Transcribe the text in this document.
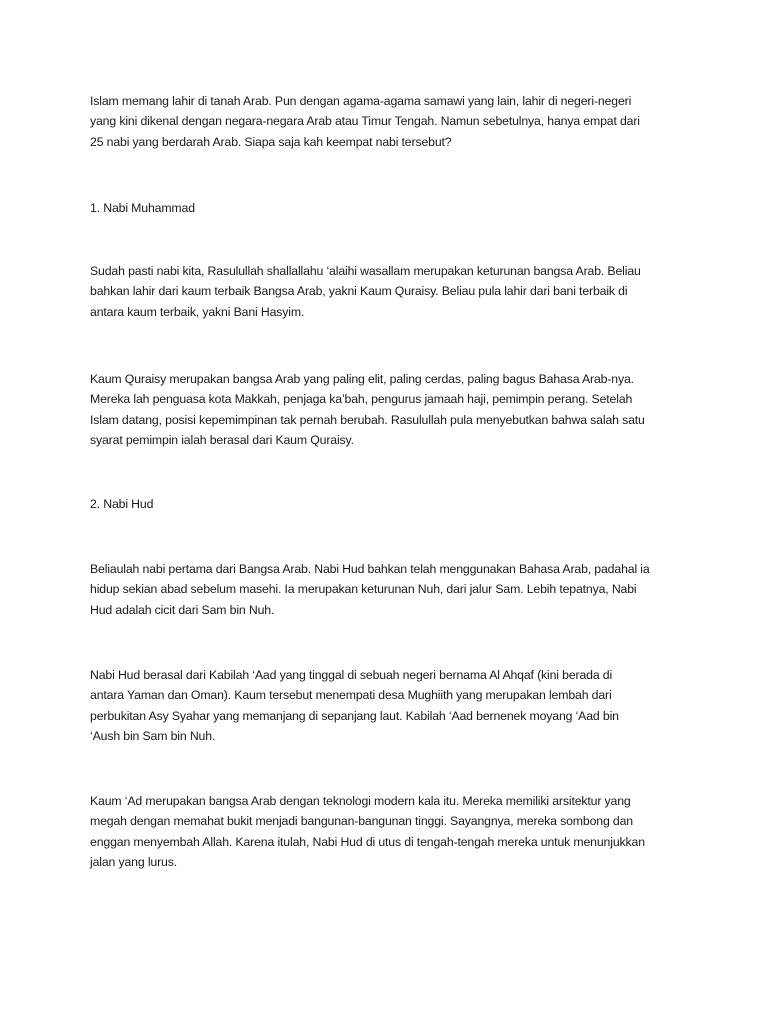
Islam memang lahir di tanah Arab. Pun dengan agama-agama samawi yang lain, lahir di negeri-negeri
yang kini dikenal dengan negara-negara Arab atau Timur Tengah. Namun sebetulnya, hanya empat dari
25 nabi yang berdarah Arab. Siapa saja kah keempat nabi tersebut?

1. Nabi Muhammad

Sudah pasti nabi kita, Rasulullah shallallahu ‘alaihi wasallam merupakan keturunan bangsa Arab. Beliau
bahkan lahir dari kaum terbaik Bangsa Arab, yakni Kaum Quraisy. Beliau pula lahir dari bani terbaik di
antara kaum terbaik, yakni Bani Hasyim.

Kaum Quraisy merupakan bangsa Arab yang paling elit, paling cerdas, paling bagus Bahasa Arab-nya.
Mereka lah penguasa kota Makkah, penjaga ka’bah, pengurus jamaah haji, pemimpin perang. Setelah
Islam datang, posisi kepemimpinan tak pernah berubah. Rasulullah pula menyebutkan bahwa salah satu
syarat pemimpin ialah berasal dari Kaum Quraisy.

2. Nabi Hud

Beliaulah nabi pertama dari Bangsa Arab. Nabi Hud bahkan telah menggunakan Bahasa Arab, padahal ia
hidup sekian abad sebelum masehi. Ia merupakan keturunan Nuh, dari jalur Sam. Lebih tepatnya, Nabi
Hud adalah cicit dari Sam bin Nuh.

Nabi Hud berasal dari Kabilah ‘Aad yang tinggal di sebuah negeri bernama Al Ahqaf (kini berada di
antara Yaman dan Oman). Kaum tersebut menempati desa Mughiith yang merupakan lembah dari
perbukitan Asy Syahar yang memanjang di sepanjang laut. Kabilah ‘Aad bernenek moyang ‘Aad bin
‘Aush bin Sam bin Nuh.

Kaum ‘Ad merupakan bangsa Arab dengan teknologi modern kala itu. Mereka memiliki arsitektur yang
megah dengan memahat bukit menjadi bangunan-bangunan tinggi. Sayangnya, mereka sombong dan
enggan menyembah Allah. Karena itulah, Nabi Hud di utus di tengah-tengah mereka untuk menunjukkan
jalan yang lurus.
